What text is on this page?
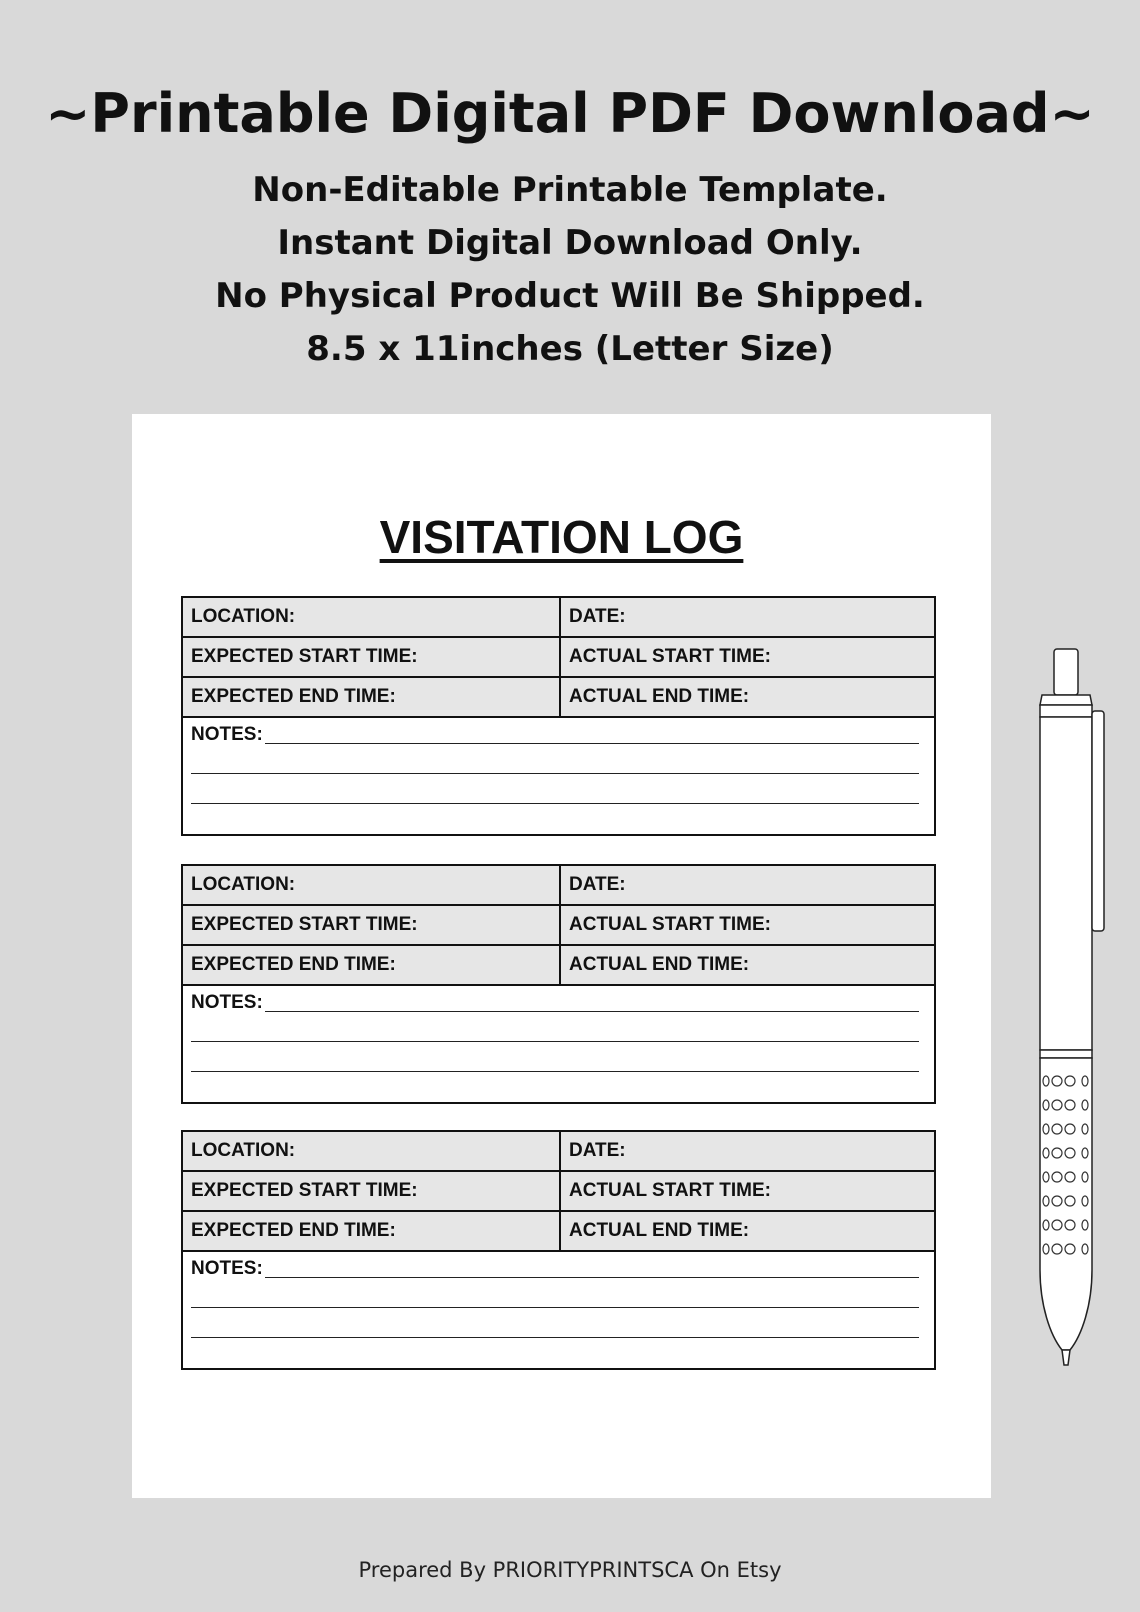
~Printable Digital PDF Download~
Non-Editable Printable Template.
Instant Digital Download Only.
No Physical Product Will Be Shipped.
8.5 x 11inches (Letter Size)
VISITATION LOG
LOCATION:	DATE:
EXPECTED START TIME:	ACTUAL START TIME:
EXPECTED END TIME:	ACTUAL END TIME:
NOTES:
LOCATION:	DATE:
EXPECTED START TIME:	ACTUAL START TIME:
EXPECTED END TIME:	ACTUAL END TIME:
NOTES:
LOCATION:	DATE:
EXPECTED START TIME:	ACTUAL START TIME:
EXPECTED END TIME:	ACTUAL END TIME:
NOTES:
Prepared By PRIORITYPRINTSCA On Etsy
